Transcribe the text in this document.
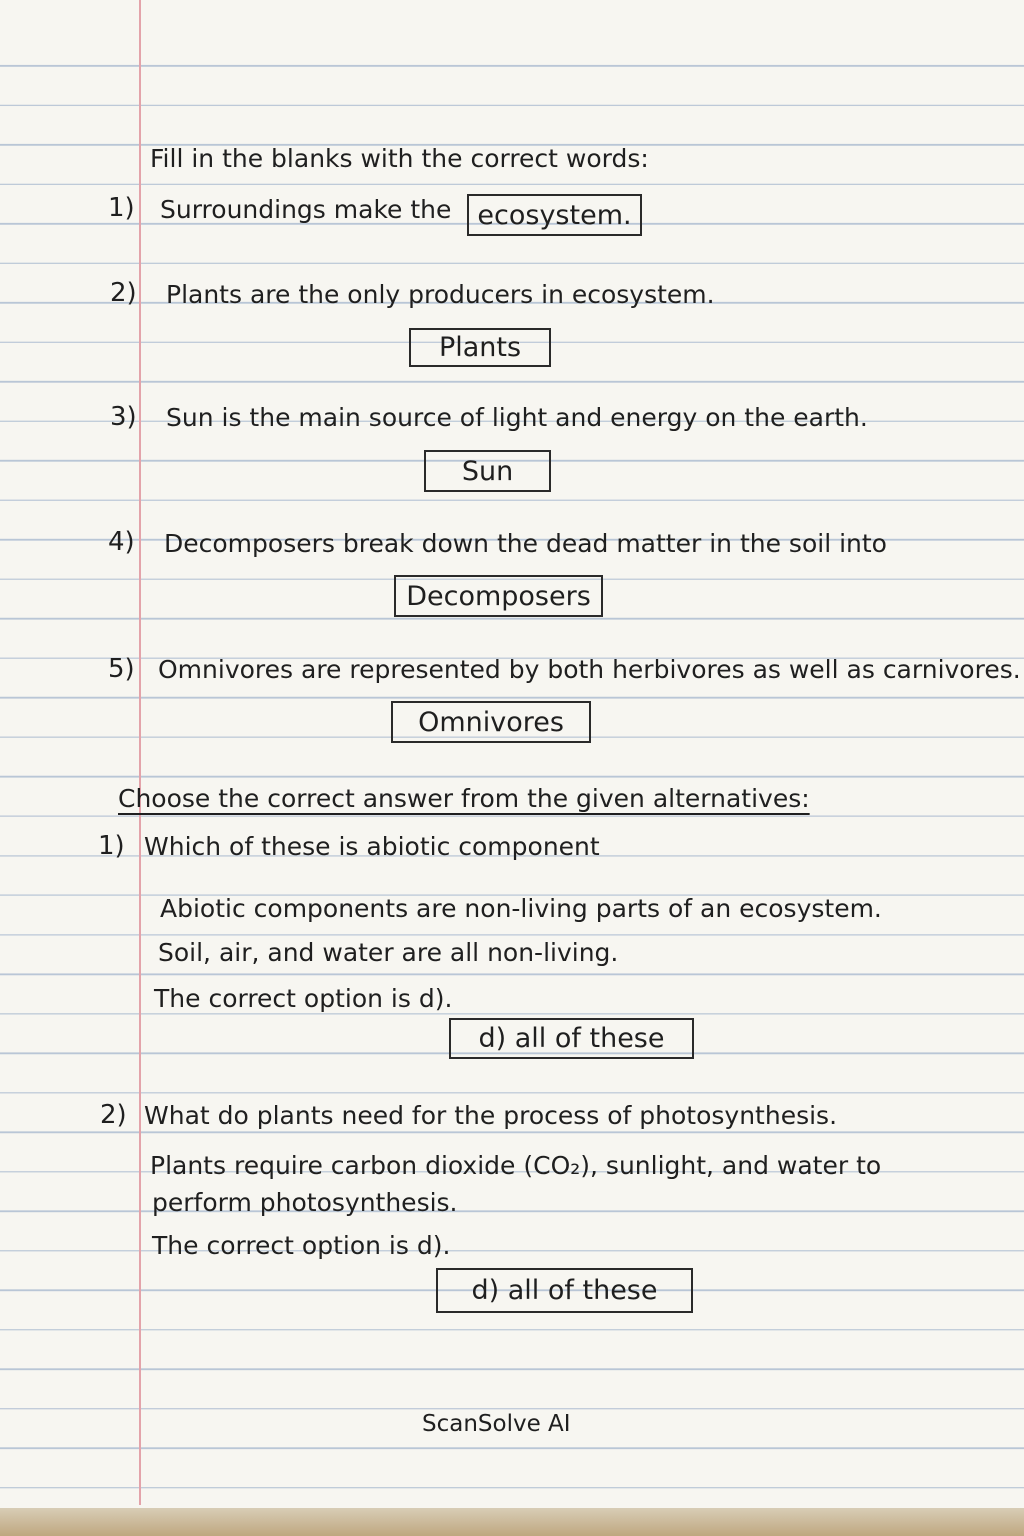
Fill in the blanks with the correct words:
1) Surroundings make the ecosystem.
2) Plants are the only producers in ecosystem.
Plants
3) Sun is the main source of light and energy on the earth.
Sun
4) Decomposers break down the dead matter in the soil into
Decomposers
5) Omnivores are represented by both herbivores as well as carnivores.
Omnivores
Choose the correct answer from the given alternatives:
1) Which of these is abiotic component
Abiotic components are non-living parts of an ecosystem.
Soil, air, and water are all non-living.
The correct option is d).
d) all of these
2) What do plants need for the process of photosynthesis.
Plants require carbon dioxide (CO₂), sunlight, and water to
perform photosynthesis.
The correct option is d).
d) all of these
ScanSolve AI
